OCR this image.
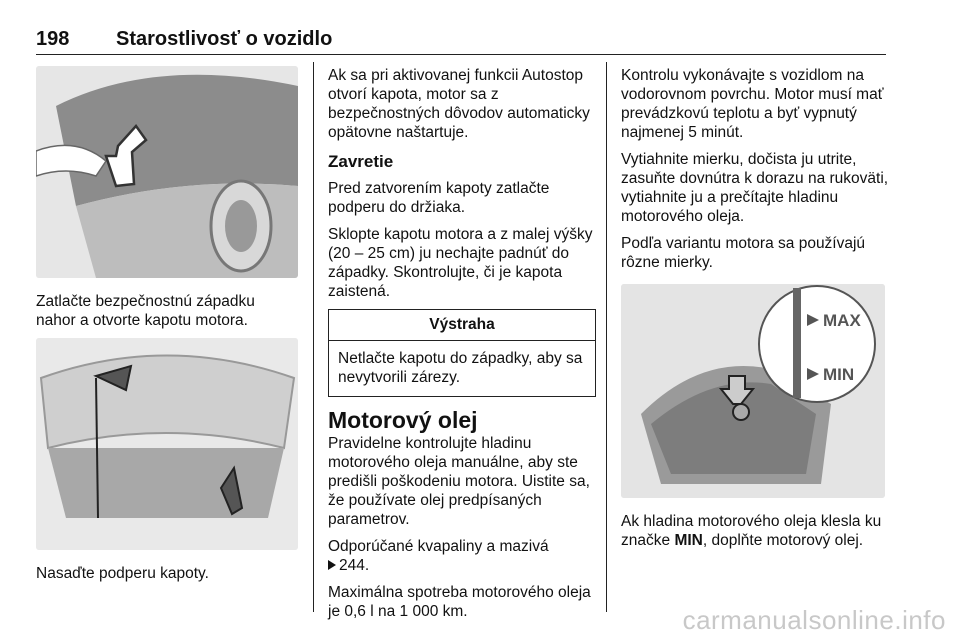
198 Starostlivosť o vozidlo

Zatlačte bezpečnostnú západku nahor a otvorte kapotu motora.

Nasaďte podperu kapoty.

Ak sa pri aktivovanej funkcii Autostop otvorí kapota, motor sa z bezpečnostných dôvodov automaticky opätovne naštartuje.

Zavretie

Pred zatvorením kapoty zatlačte podperu do držiaka.

Sklopte kapotu motora a z malej výšky (20 – 25 cm) ju nechajte padnúť do západky. Skontrolujte, či je kapota zaistená.

Výstraha
Netlačte kapotu do západky, aby sa nevytvorili zárezy.
Motorový olej

Pravidelne kontrolujte hladinu motorového oleja manuálne, aby ste predišli poškodeniu motora. Uistite sa, že používate olej predpísaných parametrov.

Odporúčané kvapaliny a mazivá
244.

Maximálna spotreba motorového oleja je 0,6 l na 1 000 km.

Kontrolu vykonávajte s vozidlom na vodorovnom povrchu. Motor musí mať prevádzkovú teplotu a byť vypnutý najmenej 5 minút.

Vytiahnite mierku, dočista ju utrite, zasuňte dovnútra k dorazu na rukoväti, vytiahnite ju a prečítajte hladinu motorového oleja.

Podľa variantu motora sa používajú rôzne mierky.

MAX
MIN

Ak hladina motorového oleja klesla ku značke MIN, doplňte motorový olej.

carmanualsonline.info
